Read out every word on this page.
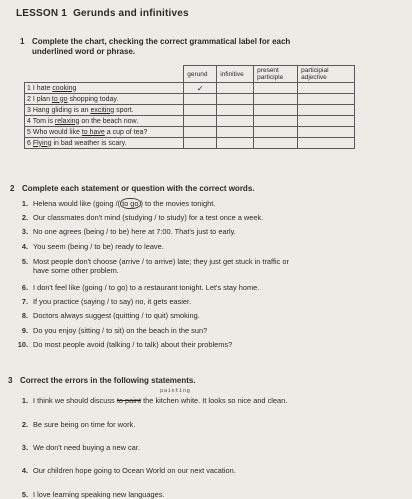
LESSON 1 Gerunds and infinitives
1 Complete the chart, checking the correct grammatical label for each
underlined word or phrase.
	gerund	infinitive	present participle	participial adjective
1 I hate cooking	✓			
2 I plan to go shopping today.				
3 Hang gliding is an exciting sport.				
4 Tom is relaxing on the beach now.				
5 Who would like to have a cup of tea?				
6 Flying in bad weather is scary.				
2 Complete each statement or question with the correct words.
1. Helena would like (going /( to go ) to the movies tonight.
2. Our classmates don't mind (studying / to study) for a test once a week.
3. No one agrees (being / to be) here at 7:00. That's just to early.
4. You seem (being / to be) ready to leave.
5. Most people don't choose (arrive / to arrive) late; they just get stuck in traffic or
have some other problem.
6. I don't feel like (going / to go) to a restaurant tonight. Let's stay home.
7. If you practice (saying / to say) no, it gets easier.
8. Doctors always suggest (quitting / to quit) smoking.
9. Do you enjoy (sitting / to sit) on the beach in the sun?
10. Do most people avoid (talking / to talk) about their problems?
3 Correct the errors in the following statements.
painting
1. I think we should discuss to paint the kitchen white. It looks so nice and clean.
2. Be sure being on time for work.
3. We don't need buying a new car.
4. Our children hope going to Ocean World on our next vacation.
5. I love learning speaking new languages.
